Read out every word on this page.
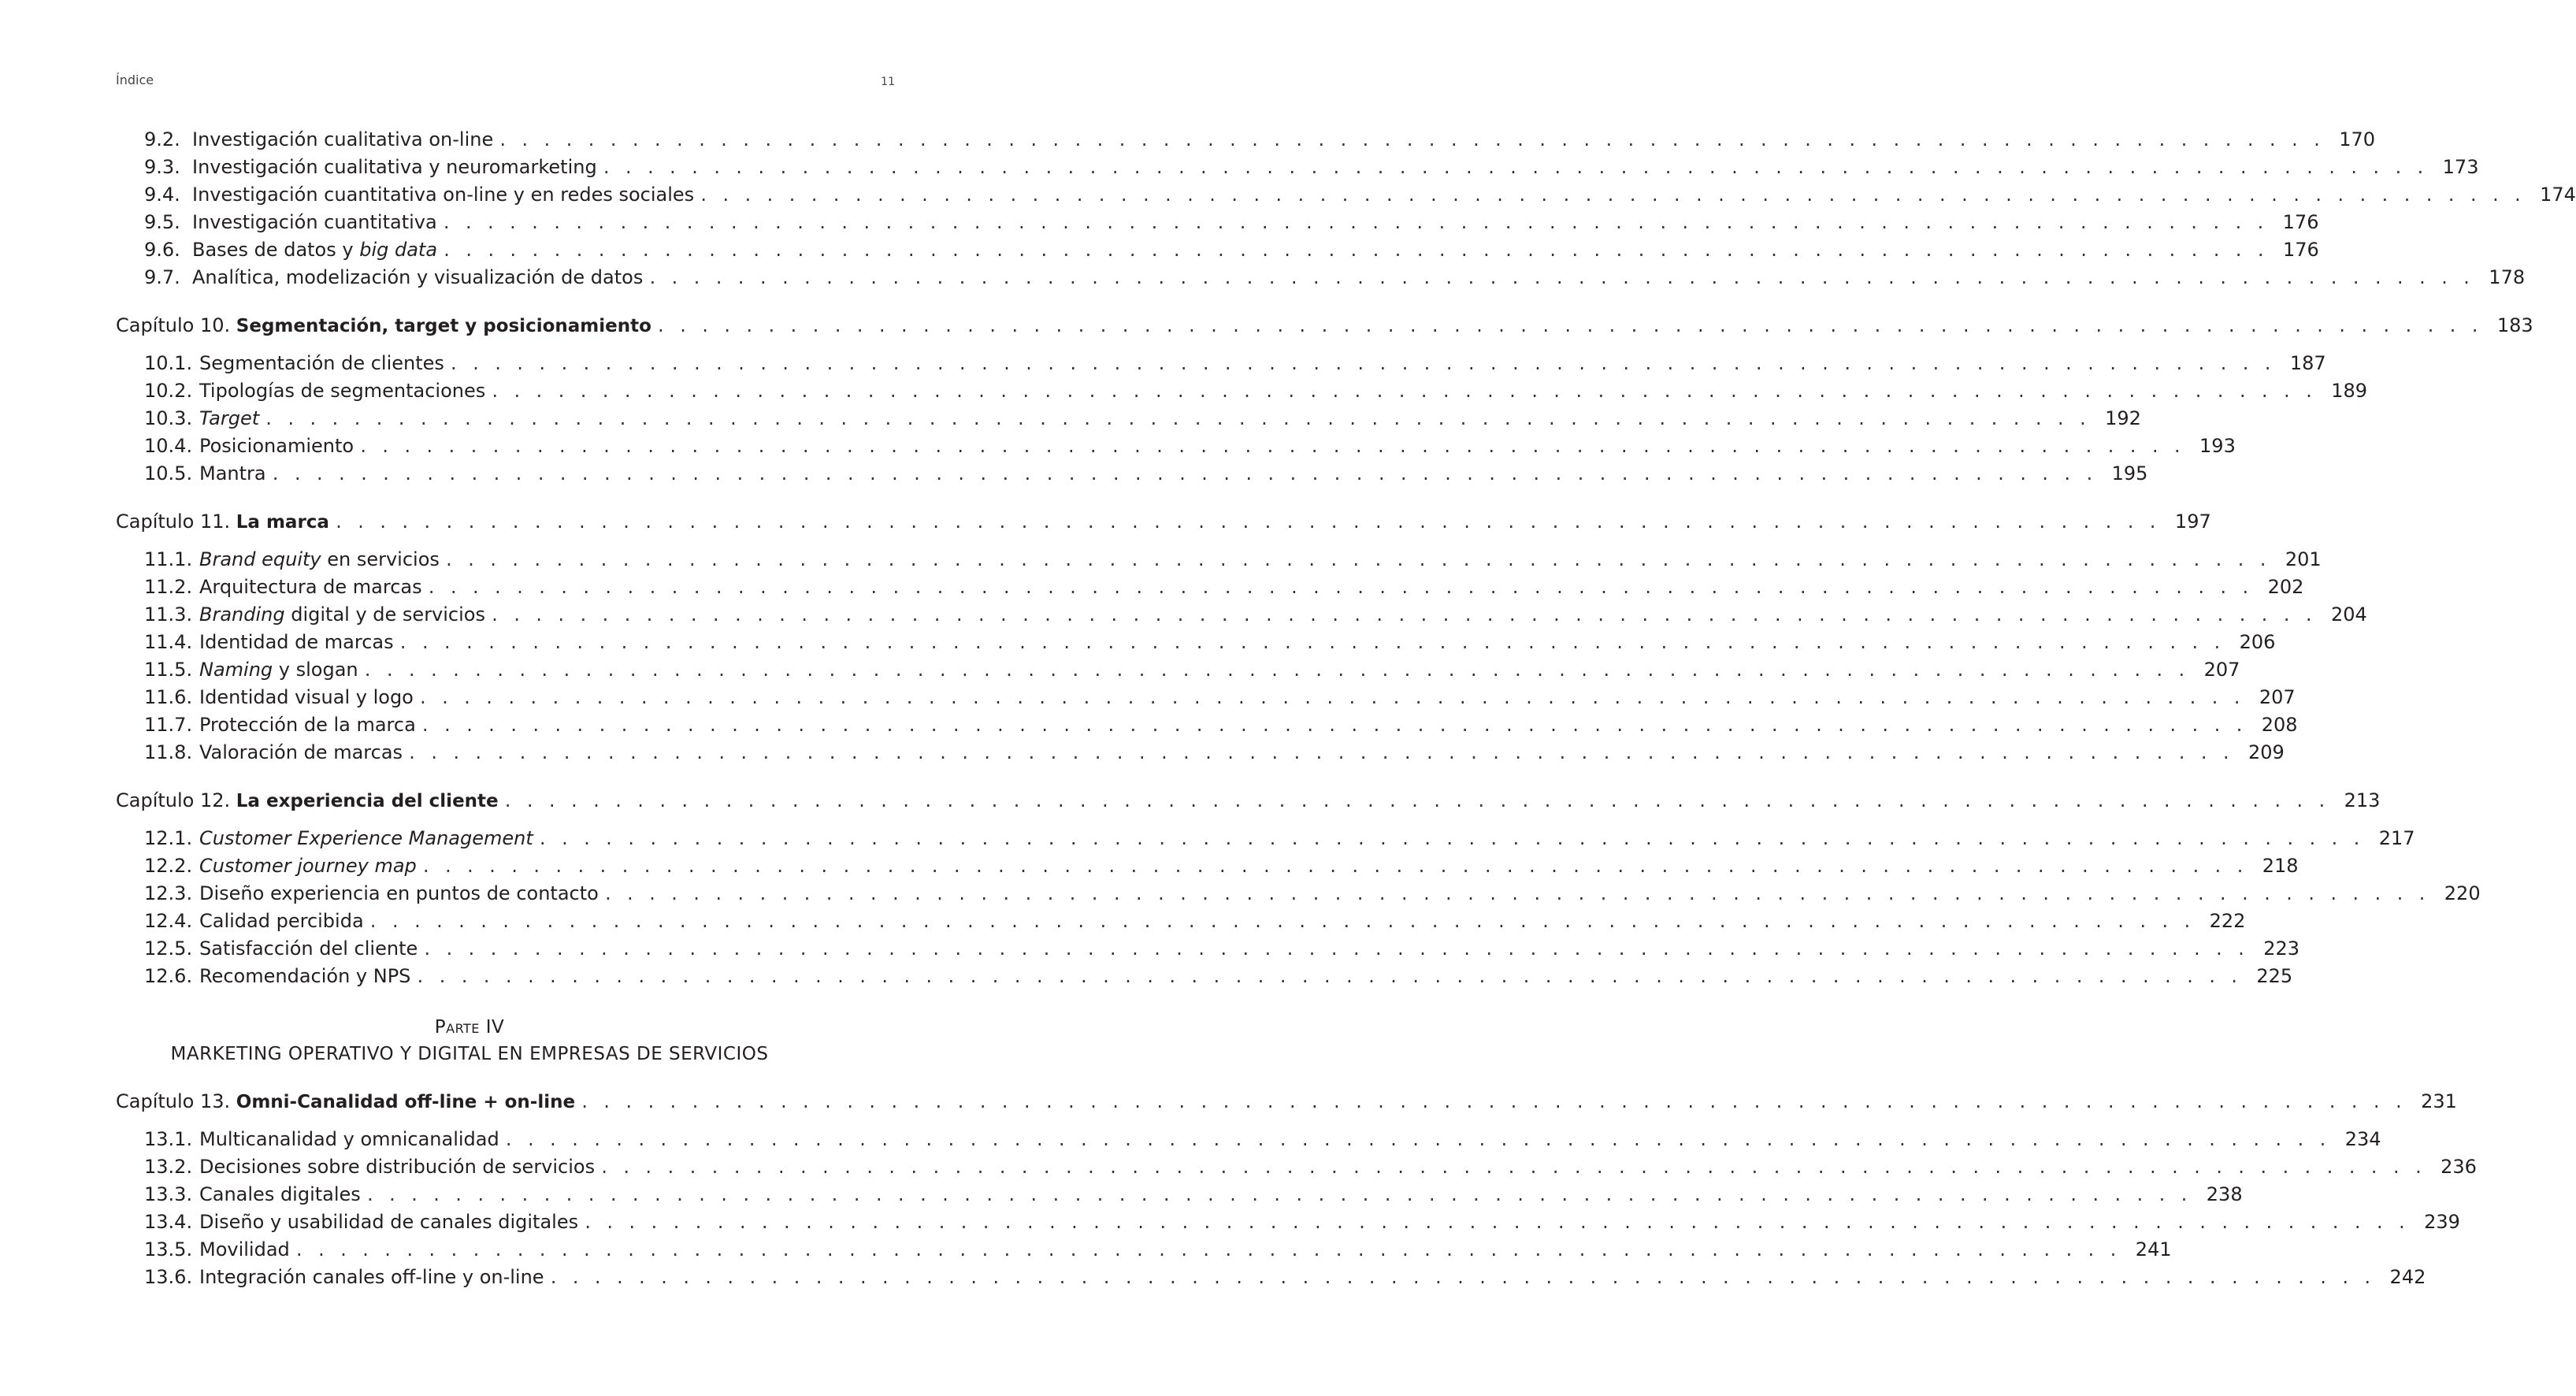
Índice	11
9.2. Investigación cualitativa on-line . . .	170
9.3. Investigación cualitativa y neuromarketing . . .	173
9.4. Investigación cuantitativa on-line y en redes sociales . . .	174
9.5. Investigación cuantitativa . . .	176
9.6. Bases de datos y big data . . .	176
9.7. Analítica, modelización y visualización de datos . . .	178
Capítulo 10.
Segmentación, target y posicionamiento . . .	183
10.1. Segmentación de clientes . . .	187
10.2. Tipologías de segmentaciones . . .	189
10.3. Target . . .	192
10.4. Posicionamiento . . .	193
10.5. Mantra . . .	195
Capítulo 11.
La marca . . .	197
11.1. Brand equity en servicios . . .	201
11.2. Arquitectura de marcas . . .	202
11.3. Branding digital y de servicios . . .	204
11.4. Identidad de marcas . . .	206
11.5. Naming y slogan . . .	207
11.6. Identidad visual y logo . . .	207
11.7. Protección de la marca . . .	208
11.8. Valoración de marcas . . .	209
Capítulo 12.
La experiencia del cliente . . .	213
12.1. Customer Experience Management . . .	217
12.2. Customer journey map . . .	218
12.3. Diseño experiencia en puntos de contacto . . .	220
12.4. Calidad percibida . . .	222
12.5. Satisfacción del cliente . . .	223
12.6. Recomendación y NPS . . .	225
Parte IV
MARKETING OPERATIVO Y DIGITAL EN EMPRESAS DE SERVICIOS
Capítulo 13.
Omni-Canalidad off-line + on-line . . .	231
13.1. Multicanalidad y omnicanalidad . . .	234
13.2. Decisiones sobre distribución de servicios . . .	236
13.3. Canales digitales . . .	238
13.4. Diseño y usabilidad de canales digitales . . .	239
13.5. Movilidad . . .	241
13.6. Integración canales off-line y on-line . . .	242
